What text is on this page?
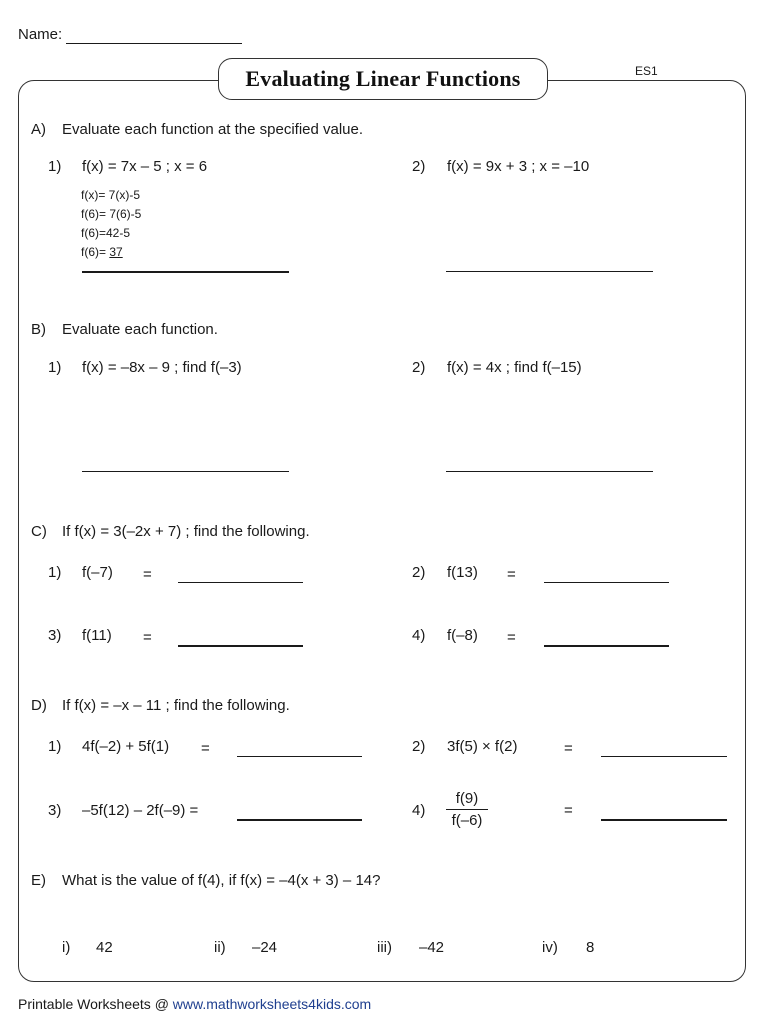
Name:
ES1
Evaluating Linear Functions
A) Evaluate each function at the specified value.
1) f(x) = 7x – 5 ; x = 6	2) f(x) = 9x + 3 ; x = –10
f(x)= 7(x)-5
f(6)= 7(6)-5
f(6)=42-5
f(6)= 37
B) Evaluate each function.
1) f(x) = –8x – 9 ; find f(–3)	2) f(x) = 4x ; find f(–15)
C) If f(x) = 3(–2x + 7) ; find the following.
1) f(–7) =	2) f(13) =
3) f(11) =	4) f(–8) =
D) If f(x) = –x – 11 ; find the following.
1) 4f(–2) + 5f(1) =	2) 3f(5) × f(2)	=
3) –5f(12) – 2f(–9) =	4)
f(9)
f(–6)
=
E) What is the value of f(4), if f(x) = –4(x + 3) – 14?
i) 42	ii) –24	iii) –42	iv) 8
Printable Worksheets @ www.mathworksheets4kids.com
